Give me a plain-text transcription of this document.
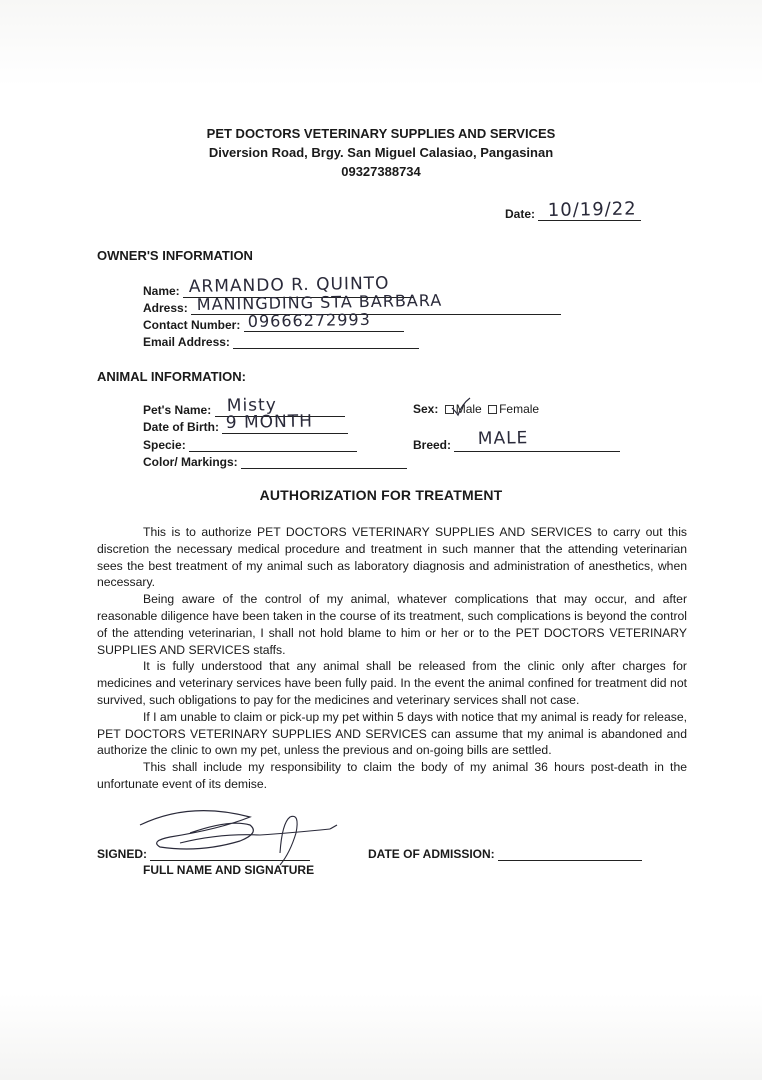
PET DOCTORS VETERINARY SUPPLIES AND SERVICES
Diversion Road, Brgy. San Miguel Calasiao, Pangasinan
09327388734
Date: 10/19/22
OWNER'S INFORMATION
Name: ARMANDO R. QUINTO
Adress: MANINGDING STA BARBARA
Contact Number: 09666272993
Email Address:
ANIMAL INFORMATION:
Pet's Name: Misty
Date of Birth: 9 MONTH
Specie:
Color/ Markings:
Sex: Male Female
Breed: MALE
AUTHORIZATION FOR TREATMENT

This is to authorize PET DOCTORS VETERINARY SUPPLIES AND SERVICES to carry out this discretion the necessary medical procedure and treatment in such manner that the attending veterinarian sees the best treatment of my animal such as laboratory diagnosis and administration of anesthetics, when necessary.

Being aware of the control of my animal, whatever complications that may occur, and after reasonable diligence have been taken in the course of its treatment, such complications is beyond the control of the attending veterinarian, I shall not hold blame to him or her or to the PET DOCTORS VETERINARY SUPPLIES AND SERVICES staffs.

It is fully understood that any animal shall be released from the clinic only after charges for medicines and veterinary services have been fully paid. In the event the animal confined for treatment did not survived, such obligations to pay for the medicines and veterinary services shall not case.

If I am unable to claim or pick-up my pet within 5 days with notice that my animal is ready for release, PET DOCTORS VETERINARY SUPPLIES AND SERVICES can assume that my animal is abandoned and authorize the clinic to own my pet, unless the previous and on-going bills are settled.

This shall include my responsibility to claim the body of my animal 36 hours post-death in the unfortunate event of its demise.

SIGNED:
FULL NAME AND SIGNATURE
DATE OF ADMISSION:
